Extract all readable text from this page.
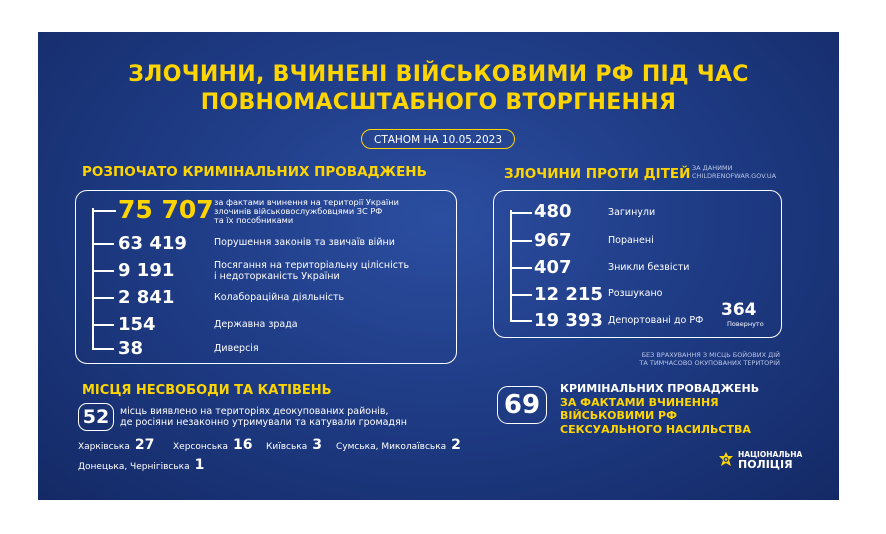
ЗЛОЧИНИ, ВЧИНЕНІ ВІЙСЬКОВИМИ РФ ПІД ЧАС
ПОВНОМАСШТАБНОГО ВТОРГНЕННЯ
СТАНОМ НА 10.05.2023
РОЗПОЧАТО КРИМІНАЛЬНИХ ПРОВАДЖЕНЬ
75 707 за фактами вчинення на території України
злочинів військовослужбовцями ЗС РФ
та їх пособниками
63 419	Порушення законів та звичаїв війни
9 191	Посягання на територіальну цілісність
і недоторканість України
2 841	Колабораційна діяльність
154	Державна зрада
38	Диверсія
ЗЛОЧИНИ ПРОТИ ДІТЕЙ ЗА ДАНИМИ
CHILDRENOFWAR.GOV.UA
480	Загинули
967	Поранені
407	Зникли безвісти
12 215 Розшукано
19 393 Депортовані до РФ
364
Повернуто
БЕЗ ВРАХУВАННЯ З МІСЦЬ БОЙОВИХ ДІЙ
ТА ТИМЧАСОВО ОКУПОВАНИХ ТЕРИТОРІЙ
МІСЦЯ НЕСВОБОДИ ТА КАТІВЕНЬ
52	місць виявлено на територіях деокупованих районів,
де росіяни незаконно утримували та катували громадян
Харківська 27 Херсонська 16 Київська 3 Сумська, Миколаївська 2
Донецька, Чернігівська 1
69
КРИМІНАЛЬНИХ ПРОВАДЖЕНЬ
ЗА ФАКТАМИ ВЧИНЕННЯ
ВІЙСЬКОВИМИ РФ
СЕКСУАЛЬНОГО НАСИЛЬСТВА
НАЦІОНАЛЬНА
ПОЛІЦІЯ
